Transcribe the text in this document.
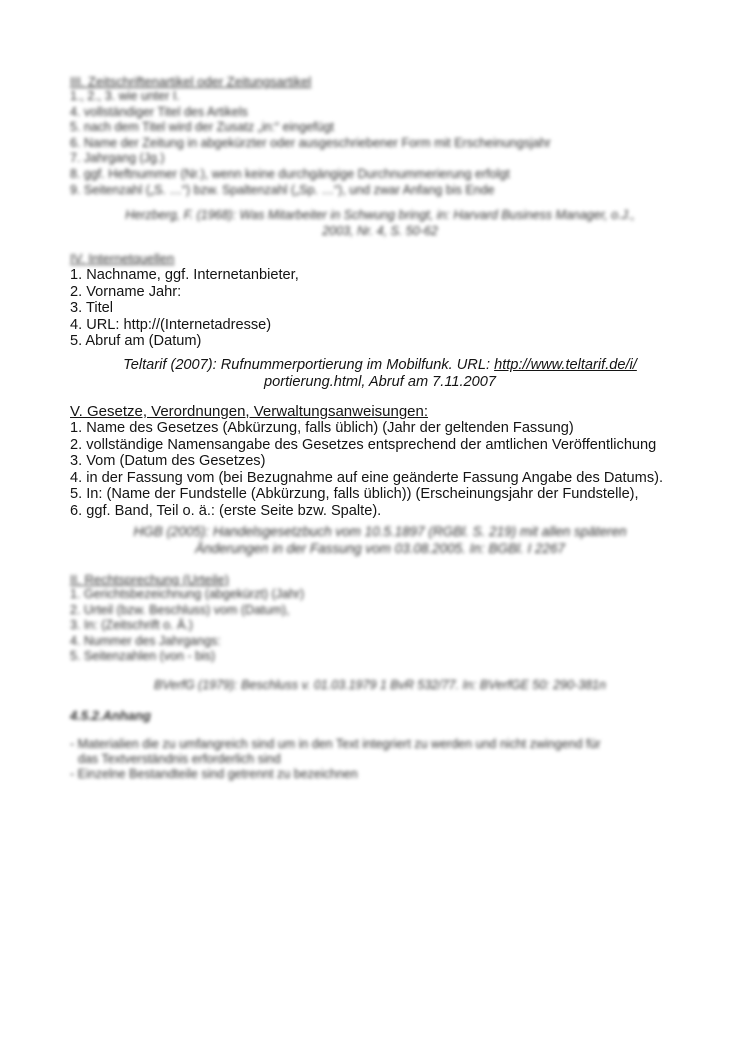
III. Zeitschriftenartikel oder Zeitungsartikel

1., 2., 3. wie unter I.
4. vollständiger Titel des Artikels
5. nach dem Titel wird der Zusatz „in:“ eingefügt
6. Name der Zeitung in abgekürzter oder ausgeschriebener Form mit Erscheinungsjahr
7. Jahrgang (Jg.)
8. ggf. Heftnummer (Nr.), wenn keine durchgängige Durchnummerierung erfolgt
9. Seitenzahl („S. …“) bzw. Spaltenzahl („Sp. …“), und zwar Anfang bis Ende
Herzberg, F. (1968): Was Mitarbeiter in Schwung bringt, in: Harvard Business Manager, o.J.,
2003, Nr. 4, S. 50-62

IV. Internetquellen

1. Nachname, ggf. Internetanbieter,
2. Vorname Jahr:
3. Titel
4. URL: http://(Internetadresse)
5. Abruf am (Datum)
Teltarif (2007): Rufnummerportierung im Mobilfunk. URL: http://www.teltarif.de/i/
portierung.html, Abruf am 7.11.2007

V. Gesetze, Verordnungen, Verwaltungsanweisungen:

1. Name des Gesetzes (Abkürzung, falls üblich) (Jahr der geltenden Fassung)
2. vollständige Namensangabe des Gesetzes entsprechend der amtlichen Veröffentlichung
3. Vom (Datum des Gesetzes)
4. in der Fassung vom (bei Bezugnahme auf eine geänderte Fassung Angabe des Datums).
5. In: (Name der Fundstelle (Abkürzung, falls üblich)) (Erscheinungsjahr der Fundstelle),
6. ggf. Band, Teil o. ä.: (erste Seite bzw. Spalte).
HGB (2005): Handelsgesetzbuch vom 10.5.1897 (RGBl. S. 219) mit allen späteren
Änderungen in der Fassung vom 03.08.2005. In: BGBl. I 2267

II. Rechtsprechung (Urteile)

1. Gerichtsbezeichnung (abgekürzt) (Jahr)
2. Urteil (bzw. Beschluss) vom (Datum),
3. In: (Zeitschrift o. Ä.)
4. Nummer des Jahrgangs:
5. Seitenzahlen (von - bis)
BVerfG (1979): Beschluss v. 01.03.1979 1 BvR 532/77. In: BVerfGE 50: 290-381n

4.5.2.Anhang

- Materialien die zu umfangreich sind um in den Text integriert zu werden und nicht zwingend für
das Textverständnis erforderlich sind
- Einzelne Bestandteile sind getrennt zu bezeichnen
